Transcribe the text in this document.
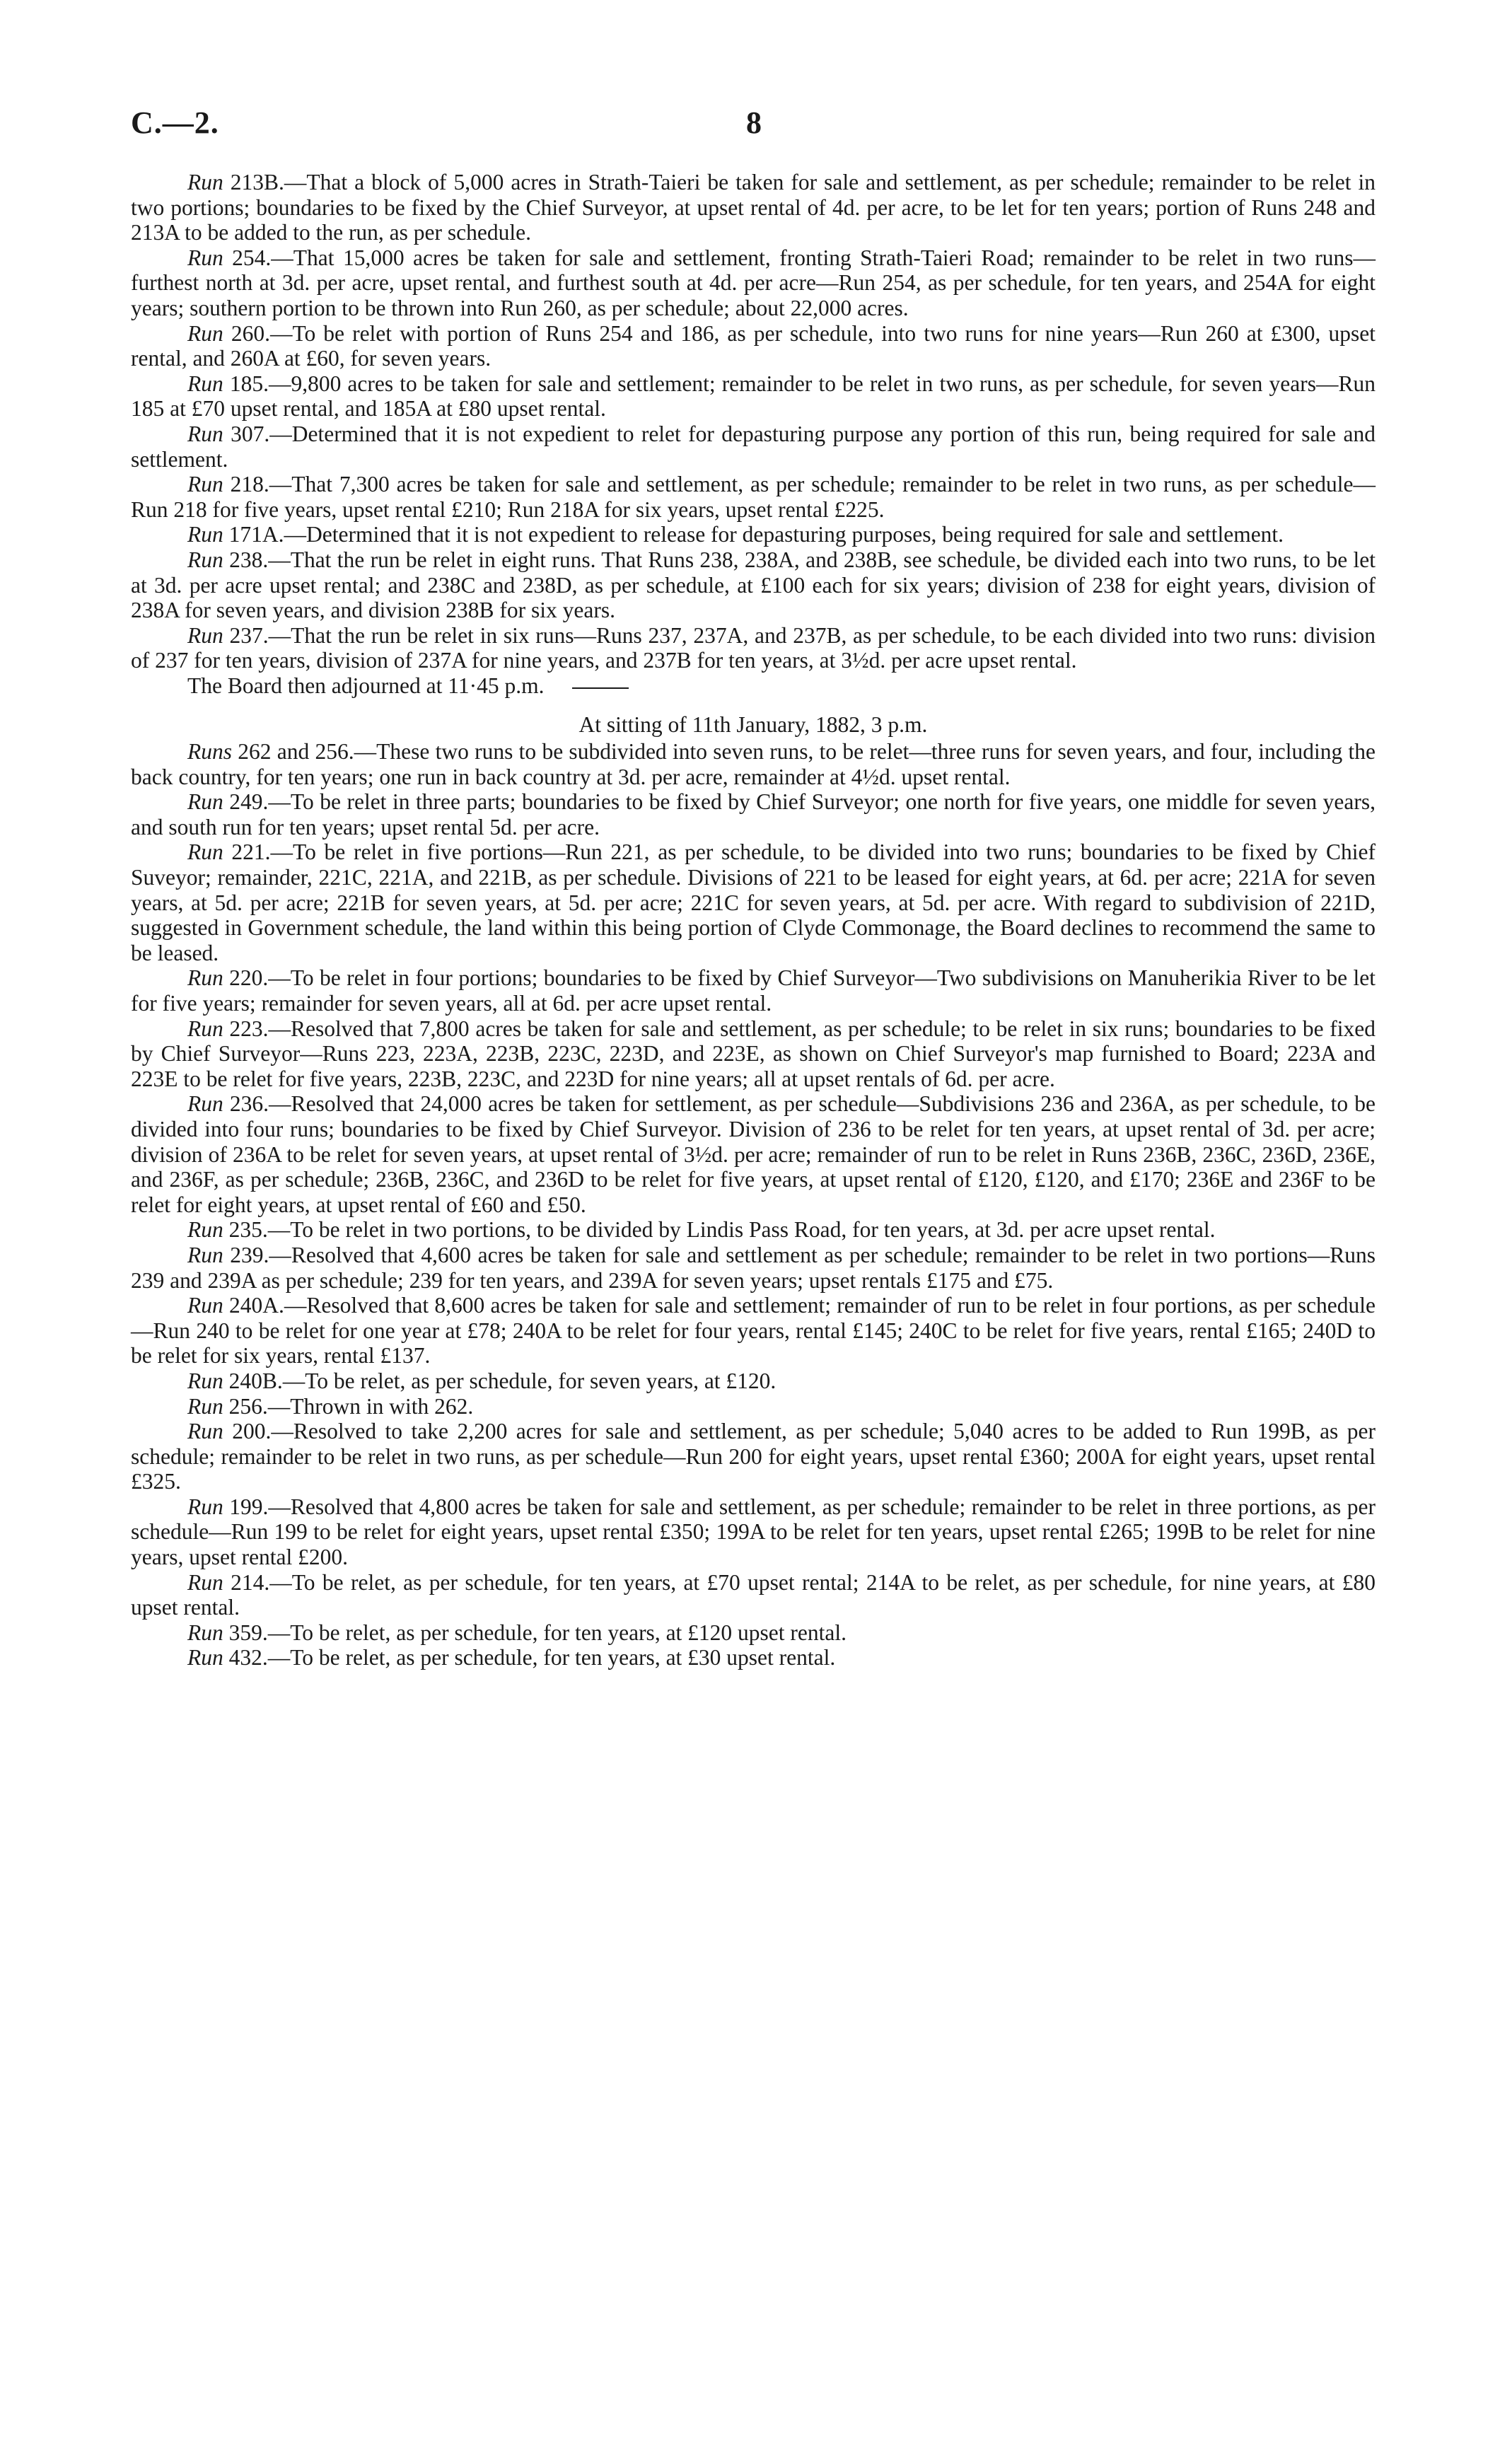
C.—2.	8

Run 213B.—That a block of 5,000 acres in Strath-Taieri be taken for sale and settlement, as per schedule; remainder to be relet in two portions; boundaries to be fixed by the Chief Surveyor, at upset rental of 4d. per acre, to be let for ten years; portion of Runs 248 and 213A to be added to the run, as per schedule.

Run 254.—That 15,000 acres be taken for sale and settlement, fronting Strath-Taieri Road; remainder to be relet in two runs—furthest north at 3d. per acre, upset rental, and furthest south at 4d. per acre—Run 254, as per schedule, for ten years, and 254A for eight years; southern portion to be thrown into Run 260, as per schedule; about 22,000 acres.

Run 260.—To be relet with portion of Runs 254 and 186, as per schedule, into two runs for nine years—Run 260 at £300, upset rental, and 260A at £60, for seven years.

Run 185.—9,800 acres to be taken for sale and settlement; remainder to be relet in two runs, as per schedule, for seven years—Run 185 at £70 upset rental, and 185A at £80 upset rental.

Run 307.—Determined that it is not expedient to relet for depasturing purpose any portion of this run, being required for sale and settlement.

Run 218.—That 7,300 acres be taken for sale and settlement, as per schedule; remainder to be relet in two runs, as per schedule—Run 218 for five years, upset rental £210; Run 218A for six years, upset rental £225.

Run 171A.—Determined that it is not expedient to release for depasturing purposes, being required for sale and settlement.

Run 238.—That the run be relet in eight runs. That Runs 238, 238A, and 238B, see schedule, be divided each into two runs, to be let at 3d. per acre upset rental; and 238C and 238D, as per schedule, at £100 each for six years; division of 238 for eight years, division of 238A for seven years, and division 238B for six years.

Run 237.—That the run be relet in six runs—Runs 237, 237A, and 237B, as per schedule, to be each divided into two runs: division of 237 for ten years, division of 237A for nine years, and 237B for ten years, at 3½d. per acre upset rental.

The Board then adjourned at 11·45 p.m.

At sitting of 11th January, 1882, 3 p.m.

Runs 262 and 256.—These two runs to be subdivided into seven runs, to be relet—three runs for seven years, and four, including the back country, for ten years; one run in back country at 3d. per acre, remainder at 4½d. upset rental.

Run 249.—To be relet in three parts; boundaries to be fixed by Chief Surveyor; one north for five years, one middle for seven years, and south run for ten years; upset rental 5d. per acre.

Run 221.—To be relet in five portions—Run 221, as per schedule, to be divided into two runs; boundaries to be fixed by Chief Suveyor; remainder, 221C, 221A, and 221B, as per schedule. Divisions of 221 to be leased for eight years, at 6d. per acre; 221A for seven years, at 5d. per acre; 221B for seven years, at 5d. per acre; 221C for seven years, at 5d. per acre. With regard to subdivision of 221D, suggested in Government schedule, the land within this being portion of Clyde Commonage, the Board declines to recommend the same to be leased.

Run 220.—To be relet in four portions; boundaries to be fixed by Chief Surveyor—Two subdivisions on Manuherikia River to be let for five years; remainder for seven years, all at 6d. per acre upset rental.

Run 223.—Resolved that 7,800 acres be taken for sale and settlement, as per schedule; to be relet in six runs; boundaries to be fixed by Chief Surveyor—Runs 223, 223A, 223B, 223C, 223D, and 223E, as shown on Chief Surveyor's map furnished to Board; 223A and 223E to be relet for five years, 223B, 223C, and 223D for nine years; all at upset rentals of 6d. per acre.

Run 236.—Resolved that 24,000 acres be taken for settlement, as per schedule—Subdivisions 236 and 236A, as per schedule, to be divided into four runs; boundaries to be fixed by Chief Surveyor. Division of 236 to be relet for ten years, at upset rental of 3d. per acre; division of 236A to be relet for seven years, at upset rental of 3½d. per acre; remainder of run to be relet in Runs 236B, 236C, 236D, 236E, and 236F, as per schedule; 236B, 236C, and 236D to be relet for five years, at upset rental of £120, £120, and £170; 236E and 236F to be relet for eight years, at upset rental of £60 and £50.

Run 235.—To be relet in two portions, to be divided by Lindis Pass Road, for ten years, at 3d. per acre upset rental.

Run 239.—Resolved that 4,600 acres be taken for sale and settlement as per schedule; remainder to be relet in two portions—Runs 239 and 239A as per schedule; 239 for ten years, and 239A for seven years; upset rentals £175 and £75.

Run 240A.—Resolved that 8,600 acres be taken for sale and settlement; remainder of run to be relet in four portions, as per schedule—Run 240 to be relet for one year at £78; 240A to be relet for four years, rental £145; 240C to be relet for five years, rental £165; 240D to be relet for six years, rental £137.

Run 240B.—To be relet, as per schedule, for seven years, at £120.

Run 256.—Thrown in with 262.

Run 200.—Resolved to take 2,200 acres for sale and settlement, as per schedule; 5,040 acres to be added to Run 199B, as per schedule; remainder to be relet in two runs, as per schedule—Run 200 for eight years, upset rental £360; 200A for eight years, upset rental £325.

Run 199.—Resolved that 4,800 acres be taken for sale and settlement, as per schedule; remainder to be relet in three portions, as per schedule—Run 199 to be relet for eight years, upset rental £350; 199A to be relet for ten years, upset rental £265; 199B to be relet for nine years, upset rental £200.

Run 214.—To be relet, as per schedule, for ten years, at £70 upset rental; 214A to be relet, as per schedule, for nine years, at £80 upset rental.

Run 359.—To be relet, as per schedule, for ten years, at £120 upset rental.

Run 432.—To be relet, as per schedule, for ten years, at £30 upset rental.
